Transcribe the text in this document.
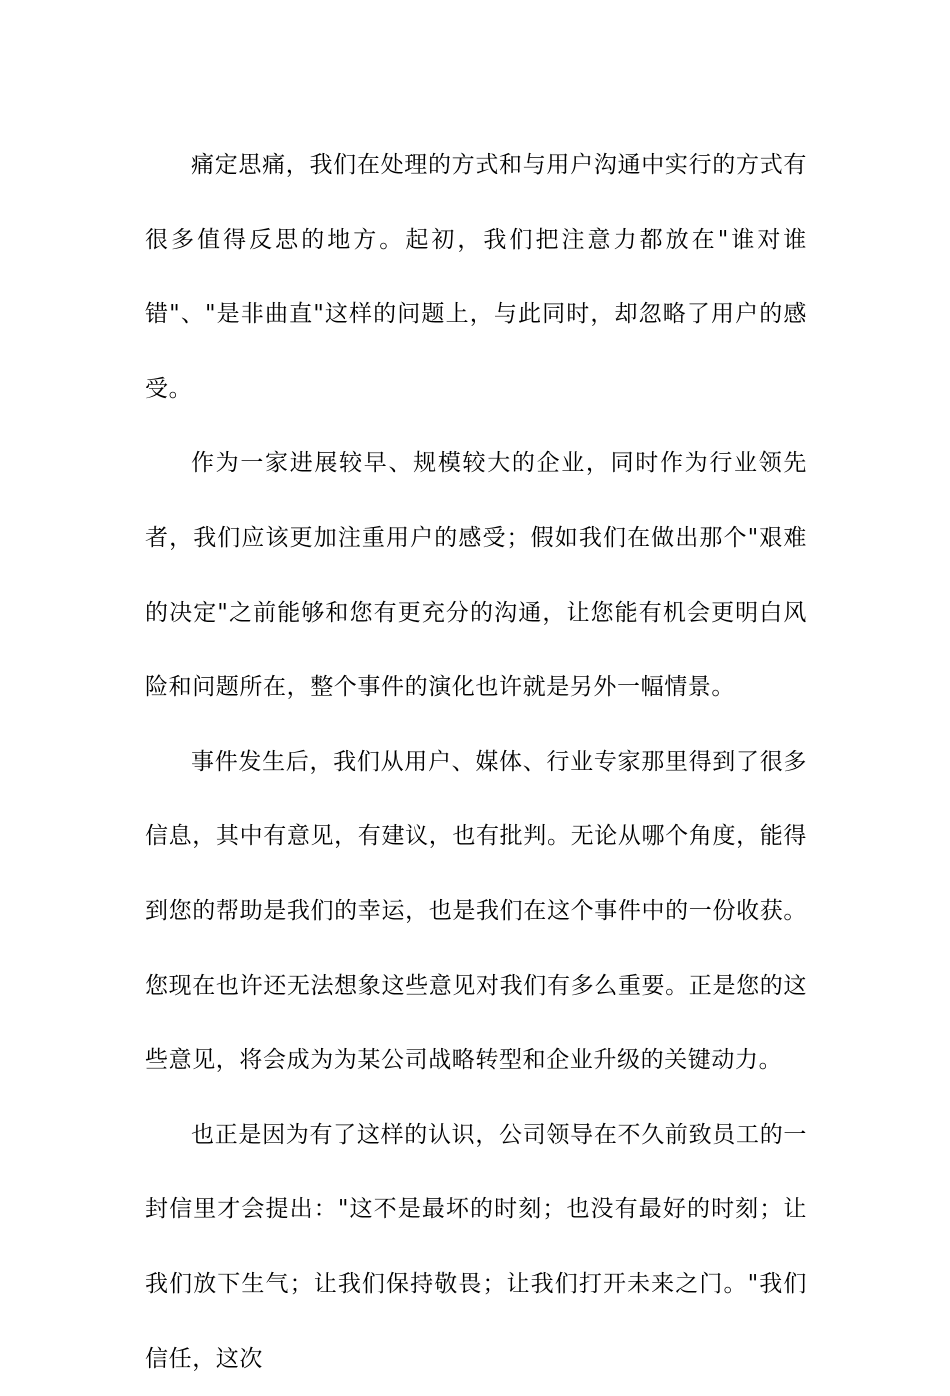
痛定思痛，我们在处理的方式和与用户沟通中实行的方式有很多值得反思的地方。起初，我们把注意力都放在"谁对谁错"、"是非曲直"这样的问题上，与此同时，却忽略了用户的感受。

作为一家进展较早、规模较大的企业，同时作为行业领先者，我们应该更加注重用户的感受；假如我们在做出那个"艰难的决定"之前能够和您有更充分的沟通，让您能有机会更明白风险和问题所在，整个事件的演化也许就是另外一幅情景。

事件发生后，我们从用户、媒体、行业专家那里得到了很多信息，其中有意见，有建议，也有批判。无论从哪个角度，能得到您的帮助是我们的幸运，也是我们在这个事件中的一份收获。您现在也许还无法想象这些意见对我们有多么重要。正是您的这些意见，将会成为为某公司战略转型和企业升级的关键动力。

也正是因为有了这样的认识，公司领导在不久前致员工的一封信里才会提出："这不是最坏的时刻；也没有最好的时刻；让我们放下生气；让我们保持敬畏；让我们打开未来之门。"我们信任，这次
